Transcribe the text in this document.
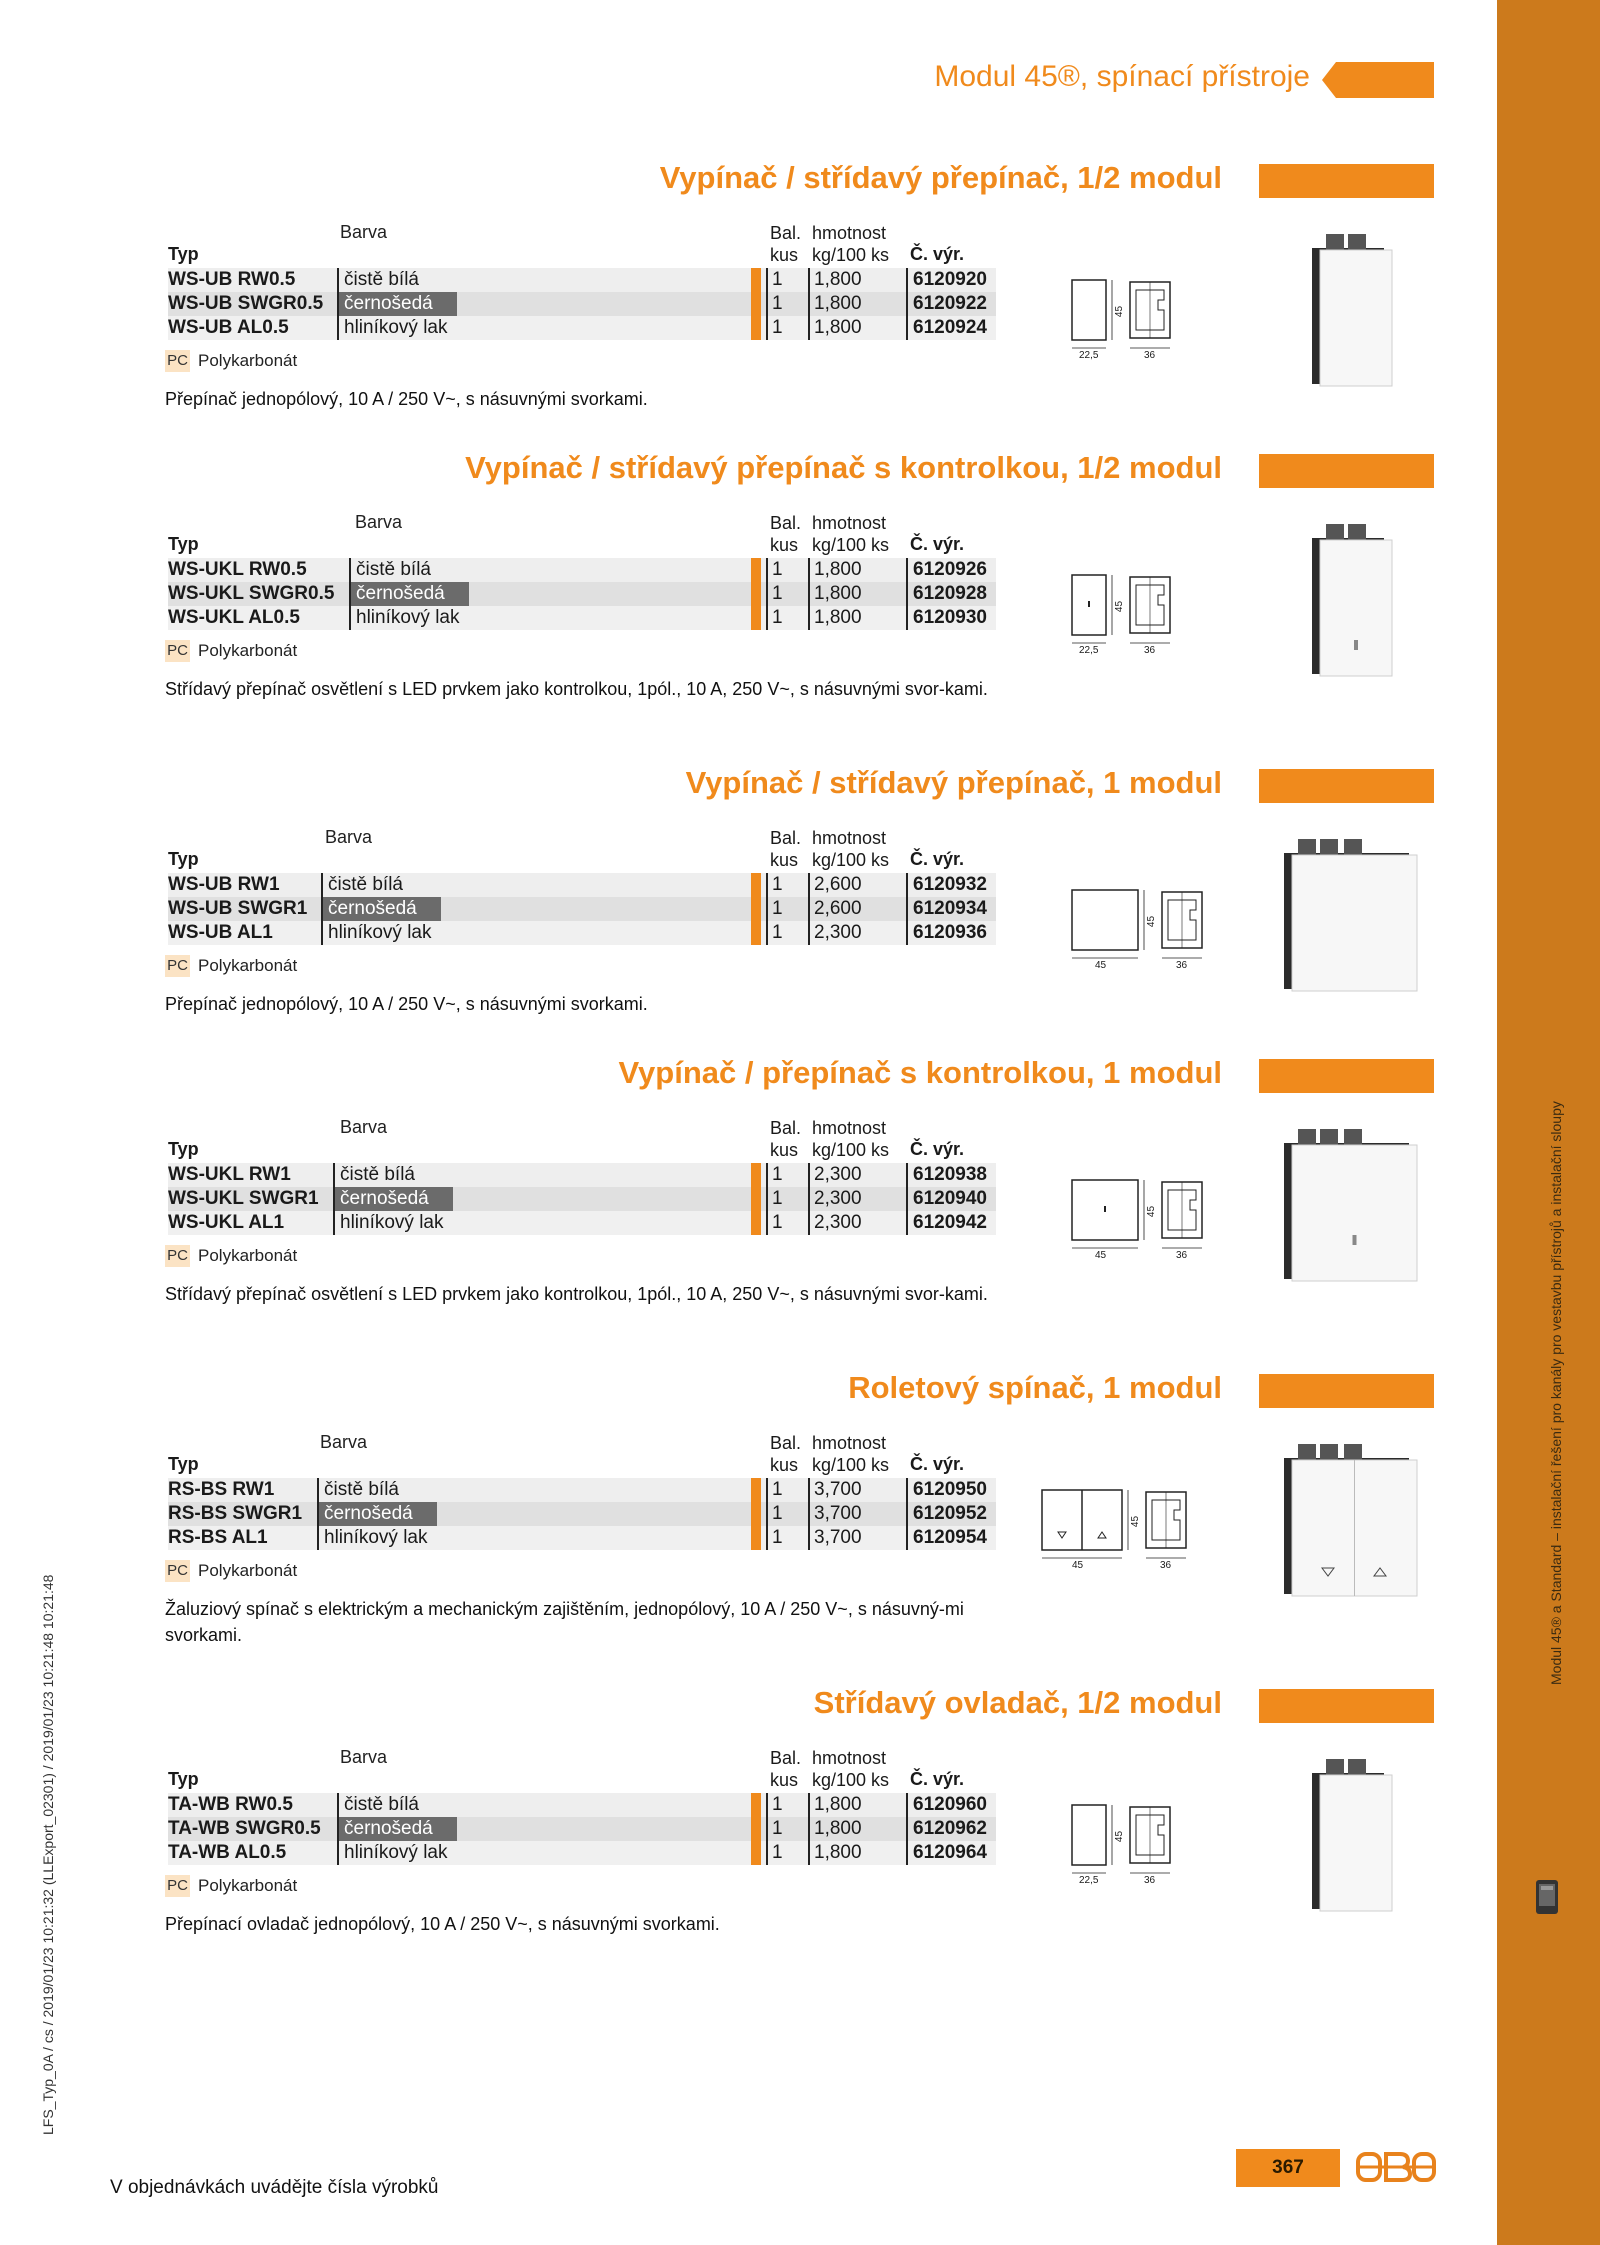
Modul 45® a Standard – instalační řešení pro kanály pro vestavbu přístrojů a instalační sloupy
LFS_Typ_0A / cs / 2019/01/23 10:21:32 (LLExport_02301) / 2019/01/23 10:21:48 10:21:48
Modul 45®, spínací přístroje
Vypínač / střídavý přepínač, 1/2 modul
Barva
Typ
Bal.
kus
hmotnost
kg/100 ks Č. výr.
WS-UB RW0.5	čistě bílá	1	1,800	6120920
WS-UB SWGR0.5	černošedá	1	1,800	6120922
WS-UB AL0.5	hliníkový lak	1	1,800	6120924
PC Polykarbonát
Přepínač jednopólový, 10 A / 250 V~, s násuvnými svorkami.
22,5	36
45
Vypínač / střídavý přepínač s kontrolkou, 1/2 modul
Barva
Typ
Bal.
kus
hmotnost
kg/100 ks Č. výr.
WS-UKL RW0.5	čistě bílá	1	1,800	6120926
WS-UKL SWGR0.5	černošedá	1	1,800	6120928
WS-UKL AL0.5	hliníkový lak	1	1,800	6120930
PC Polykarbonát
Střídavý přepínač osvětlení s LED prvkem jako kontrolkou, 1pól., 10 A, 250 V~, s násuvnými svor-kami.
22,5	36
45
Vypínač / střídavý přepínač, 1 modul
Barva
Typ
Bal.
kus
hmotnost
kg/100 ks Č. výr.
WS-UB RW1	čistě bílá	1	2,600	6120932
WS-UB SWGR1	černošedá	1	2,600	6120934
WS-UB AL1	hliníkový lak	1	2,300	6120936
PC Polykarbonát
Přepínač jednopólový, 10 A / 250 V~, s násuvnými svorkami.
45	36
45
Vypínač / přepínač s kontrolkou, 1 modul
Barva
Typ
Bal.
kus
hmotnost
kg/100 ks Č. výr.
WS-UKL RW1	čistě bílá	1	2,300	6120938
WS-UKL SWGR1	černošedá	1	2,300	6120940
WS-UKL AL1	hliníkový lak	1	2,300	6120942
PC Polykarbonát
Střídavý přepínač osvětlení s LED prvkem jako kontrolkou, 1pól., 10 A, 250 V~, s násuvnými svor-kami.
45	36
45
Roletový spínač, 1 modul
Barva
Typ
Bal.
kus
hmotnost
kg/100 ks Č. výr.
RS-BS RW1	čistě bílá	1	3,700	6120950
RS-BS SWGR1	černošedá	1	3,700	6120952
RS-BS AL1	hliníkový lak	1	3,700	6120954
PC Polykarbonát
Žaluziový spínač s elektrickým a mechanickým zajištěním, jednopólový, 10 A / 250 V~, s násuvný-mi svorkami.
45	36
45
Střídavý ovladač, 1/2 modul
Barva
Typ
Bal.
kus
hmotnost
kg/100 ks Č. výr.
TA-WB RW0.5	čistě bílá	1	1,800	6120960
TA-WB SWGR0.5	černošedá	1	1,800	6120962
TA-WB AL0.5	hliníkový lak	1	1,800	6120964
PC Polykarbonát
Přepínací ovladač jednopólový, 10 A / 250 V~, s násuvnými svorkami.
22,5	36
45
V objednávkách uvádějte čísla výrobků
367
